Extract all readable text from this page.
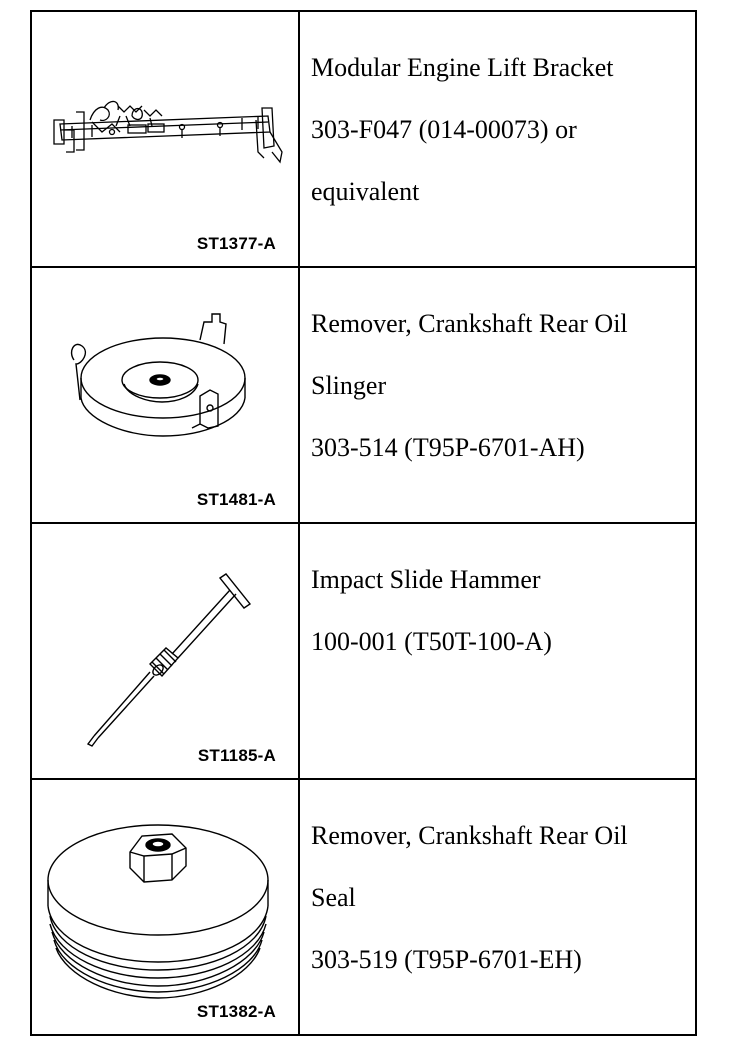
ST1377-A	Modular Engine Lift Bracket

303-F047 (014-00073) or

equivalent

ST1481-A	Remover, Crankshaft Rear Oil

Slinger

303-514 (T95P-6701-AH)

ST1185-A	Impact Slide Hammer

100-001 (T50T-100-A)

ST1382-A	Remover, Crankshaft Rear Oil

Seal

303-519 (T95P-6701-EH)
